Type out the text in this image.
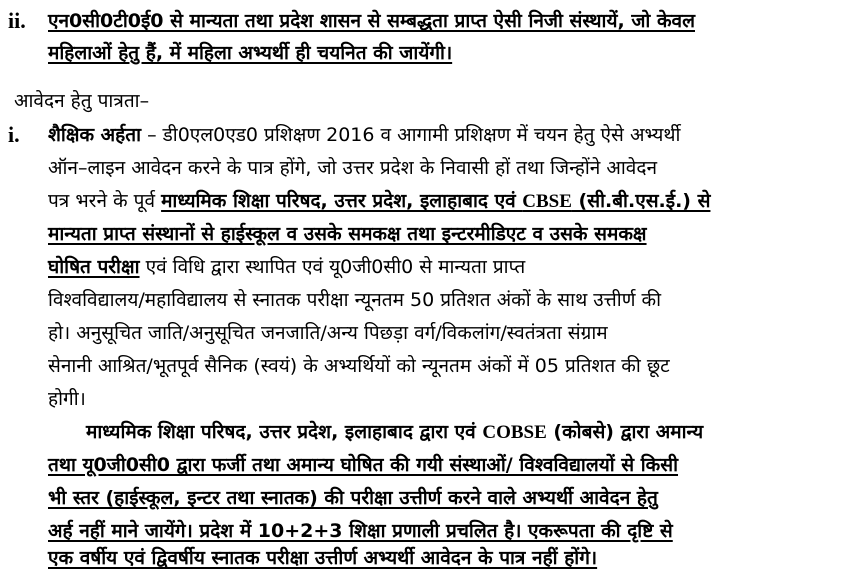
ii. एन0सी0टी0ई0 से मान्यता तथा प्रदेश शासन से सम्बद्धता प्राप्त ऐसी निजी संस्थायें, जो केवल
महिलाओं हेतु हैं, में महिला अभ्यर्थी ही चयनित की जायेंगी।
आवेदन हेतु पात्रता–
i. शैक्षिक अर्हता – डी0एल0एड0 प्रशिक्षण 2016 व आगामी प्रशिक्षण में चयन हेतु ऐसे अभ्यर्थी
ऑन–लाइन आवेदन करने के पात्र होंगे, जो उत्तर प्रदेश के निवासी हों तथा जिन्होंने आवेदन
पत्र भरने के पूर्व माध्यमिक शिक्षा परिषद, उत्तर प्रदेश, इलाहाबाद एवं CBSE (सी.बी.एस.ई.) से
मान्यता प्राप्त संस्थानों से हाईस्कूल व उसके समकक्ष तथा इन्टरमीडिएट व उसके समकक्ष
घोषित परीक्षा एवं विधि द्वारा स्थापित एवं यू0जी0सी0 से मान्यता प्राप्त
विश्वविद्यालय/महाविद्यालय से स्नातक परीक्षा न्यूनतम 50 प्रतिशत अंकों के साथ उत्तीर्ण की
हो। अनुसूचित जाति/अनुसूचित जनजाति/अन्य पिछड़ा वर्ग/विकलांग/स्वतंत्रता संग्राम
सेनानी आश्रित/भूतपूर्व सैनिक (स्वयं) के अभ्यर्थियों को न्यूनतम अंकों में 05 प्रतिशत की छूट
होगी।
माध्यमिक शिक्षा परिषद, उत्तर प्रदेश, इलाहाबाद द्वारा एवं COBSE (कोबसे) द्वारा अमान्य
तथा यू0जी0सी0 द्वारा फर्जी तथा अमान्य घोषित की गयी संस्थाओं/ विश्वविद्यालयों से किसी
भी स्तर (हाईस्कूल, इन्टर तथा स्नातक) की परीक्षा उत्तीर्ण करने वाले अभ्यर्थी आवेदन हेतु
अर्ह नहीं माने जायेंगे। प्रदेश में 10+2+3 शिक्षा प्रणाली प्रचलित है। एकरूपता की दृष्टि से
एक वर्षीय एवं द्विवर्षीय स्नातक परीक्षा उत्तीर्ण अभ्यर्थी आवेदन के पात्र नहीं होंगे।
